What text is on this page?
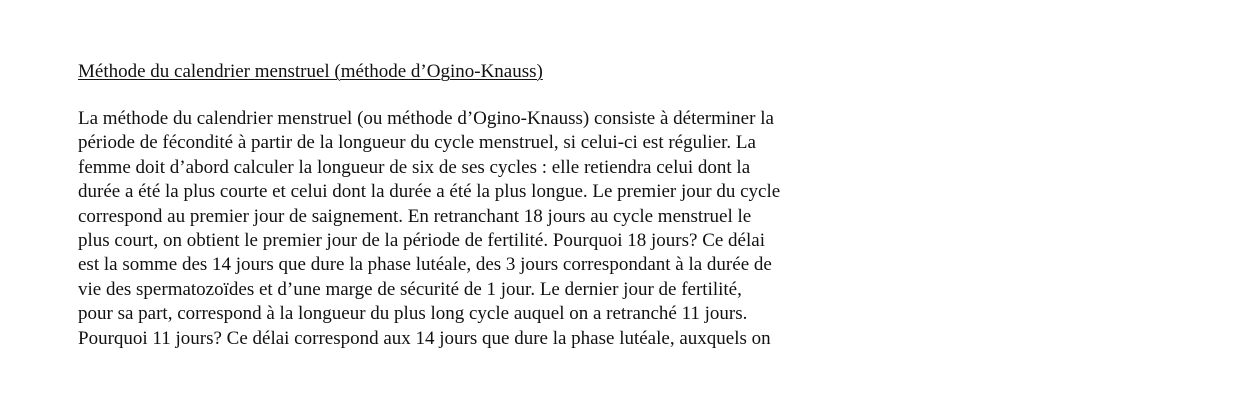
Méthode du calendrier menstruel (méthode d’Ogino-Knauss)

La méthode du calendrier menstruel (ou méthode d’Ogino-Knauss) consiste à déterminer la
période de fécondité à partir de la longueur du cycle menstruel, si celui-ci est régulier. La
femme doit d’abord calculer la longueur de six de ses cycles : elle retiendra celui dont la
durée a été la plus courte et celui dont la durée a été la plus longue. Le premier jour du cycle
correspond au premier jour de saignement. En retranchant 18 jours au cycle menstruel le
plus court, on obtient le premier jour de la période de fertilité. Pourquoi 18 jours? Ce délai
est la somme des 14 jours que dure la phase lutéale, des 3 jours correspondant à la durée de
vie des spermatozoïdes et d’une marge de sécurité de 1 jour. Le dernier jour de fertilité,
pour sa part, correspond à la longueur du plus long cycle auquel on a retranché 11 jours.
Pourquoi 11 jours? Ce délai correspond aux 14 jours que dure la phase lutéale, auxquels on
